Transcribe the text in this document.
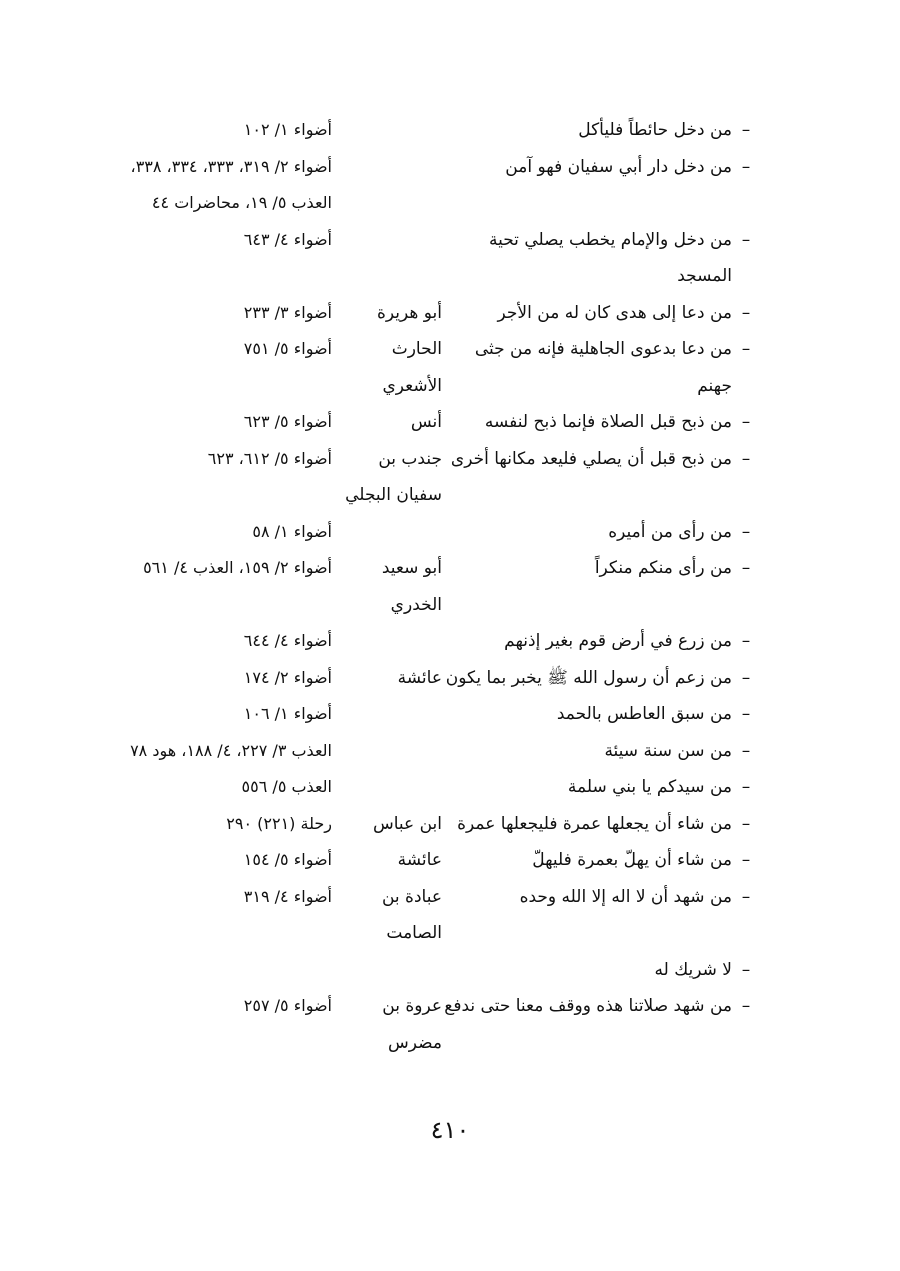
–
من دخل حائطاً فليأكل
أضواء ١/ ١٠٢
–
من دخل دار أبي سفيان فهو آمن
أضواء ٢/ ٣١٩، ٣٣٣، ٣٣٤، ٣٣٨، العذب ٥/ ١٩، محاضرات ٤٤
–
من دخل والإمام يخطب يصلي تحية المسجد
أضواء ٤/ ٦٤٣
–
من دعا إلى هدى كان له من الأجر
أبو هريرة
أضواء ٣/ ٢٣٣
–
من دعا بدعوى الجاهلية فإنه من جثى جهنم
الحارث الأشعري
أضواء ٥/ ٧٥١
–
من ذبح قبل الصلاة فإنما ذبح لنفسه
أنس
أضواء ٥/ ٦٢٣
–
من ذبح قبل أن يصلي فليعد مكانها أخرى
جندب بن سفيان البجلي
أضواء ٥/ ٦١٢، ٦٢٣
–
من رأى من أميره
أضواء ١/ ٥٨
–
من رأى منكم منكراً
أبو سعيد الخدري
أضواء ٢/ ١٥٩، العذب ٤/ ٥٦١
–
من زرع في أرض قوم بغير إذنهم
أضواء ٤/ ٦٤٤
–
من زعم أن رسول الله ﷺ يخبر بما يكون
عائشة
أضواء ٢/ ١٧٤
–
من سبق العاطس بالحمد
أضواء ١/ ١٠٦
–
من سن سنة سيئة
العذب ٣/ ٢٢٧، ٤/ ١٨٨، هود ٧٨
–
من سيدكم يا بني سلمة
العذب ٥/ ٥٥٦
–
من شاء أن يجعلها عمرة فليجعلها عمرة
ابن عباس
رحلة (٢٢١) ٢٩٠
–
من شاء أن يهلّ بعمرة فليهلّ
عائشة
أضواء ٥/ ١٥٤
–
من شهد أن لا اله إلا الله وحده
عبادة بن الصامت
أضواء ٤/ ٣١٩
–
لا شريك له
–
من شهد صلاتنا هذه ووقف معنا حتى ندفع
عروة بن مضرس
أضواء ٥/ ٢٥٧
٤١٠
